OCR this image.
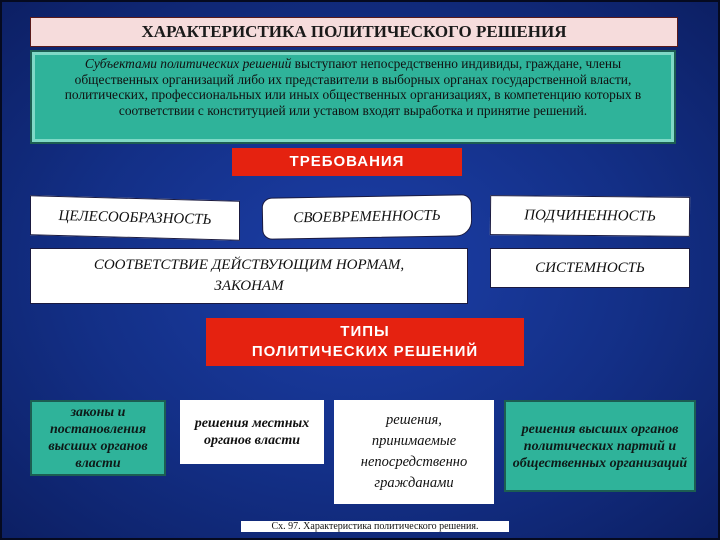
ХАРАКТЕРИСТИКА ПОЛИТИЧЕСКОГО РЕШЕНИЯ
Субъектами политических решений выступают непосредственно индивиды, граждане, члены общественных организаций либо их представители в выборных органах государственной власти, политических, профессиональных или иных общественных организациях, в компетенцию которых в соответствии с конституцией или уставом входят выработка и принятие решений.
ТРЕБОВАНИЯ
ЦЕЛЕСООБРАЗНОСТЬ	СВОЕВРЕМЕННОСТЬ	ПОДЧИНЕННОСТЬ
СООТВЕТСТВИЕ ДЕЙСТВУЮЩИМ НОРМАМ, ЗАКОНАМ
СИСТЕМНОСТЬ
ТИПЫ
ПОЛИТИЧЕСКИХ РЕШЕНИЙ
законы и постановления высших органов власти
решения местных органов власти
решения, принимаемые непосредственно гражданами
решения высших органов политических партий и общественных организаций
Сх. 97. Характеристика политического решения.
